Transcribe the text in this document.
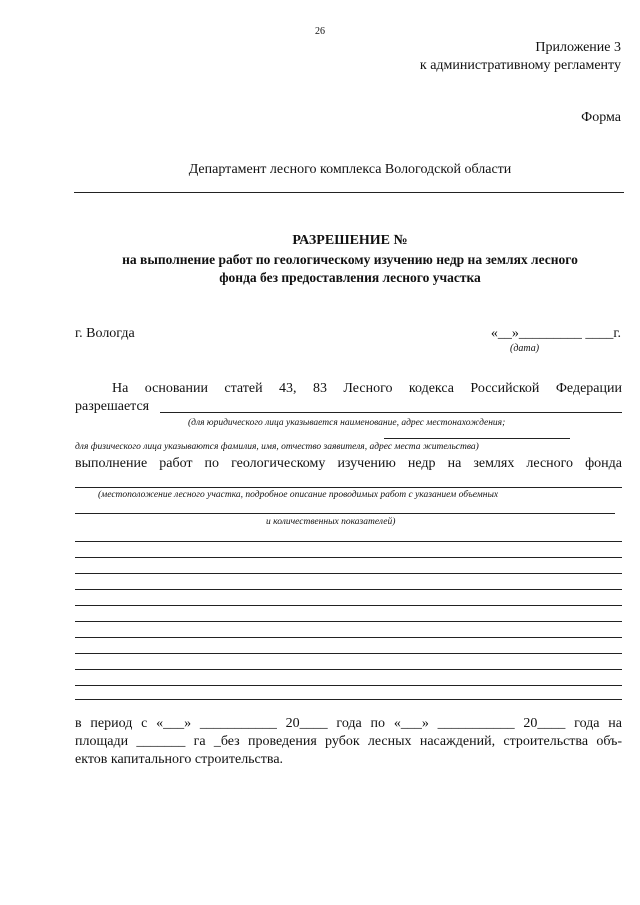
26
Приложение 3
к административному регламенту
Форма
Департамент лесного комплекса Вологодской области
РАЗРЕШЕНИЕ №
на выполнение работ по геологическому изучению недр на землях лесного
фонда без предоставления лесного участка
г. Вологда	«__»_________ ____г.
(дата)
На основании статей 43, 83 Лесного кодекса Российской Федерации
разрешается
(для юридического лица указывается наименование, адрес местонахождения;
для физического лица указываются фамилия, имя, отчество заявителя, адрес места жительства)
выполнение работ по геологическому изучению недр на землях лесного фонда
(местоположение лесного участка, подробное описание проводимых работ с указанием объемных
и количественных показателей)
в период с «___» ___________ 20____ года по «___» ___________ 20____ года на
площади _______ га _без проведения рубок лесных насаждений, строительства объ-
ектов капитального строительства.
